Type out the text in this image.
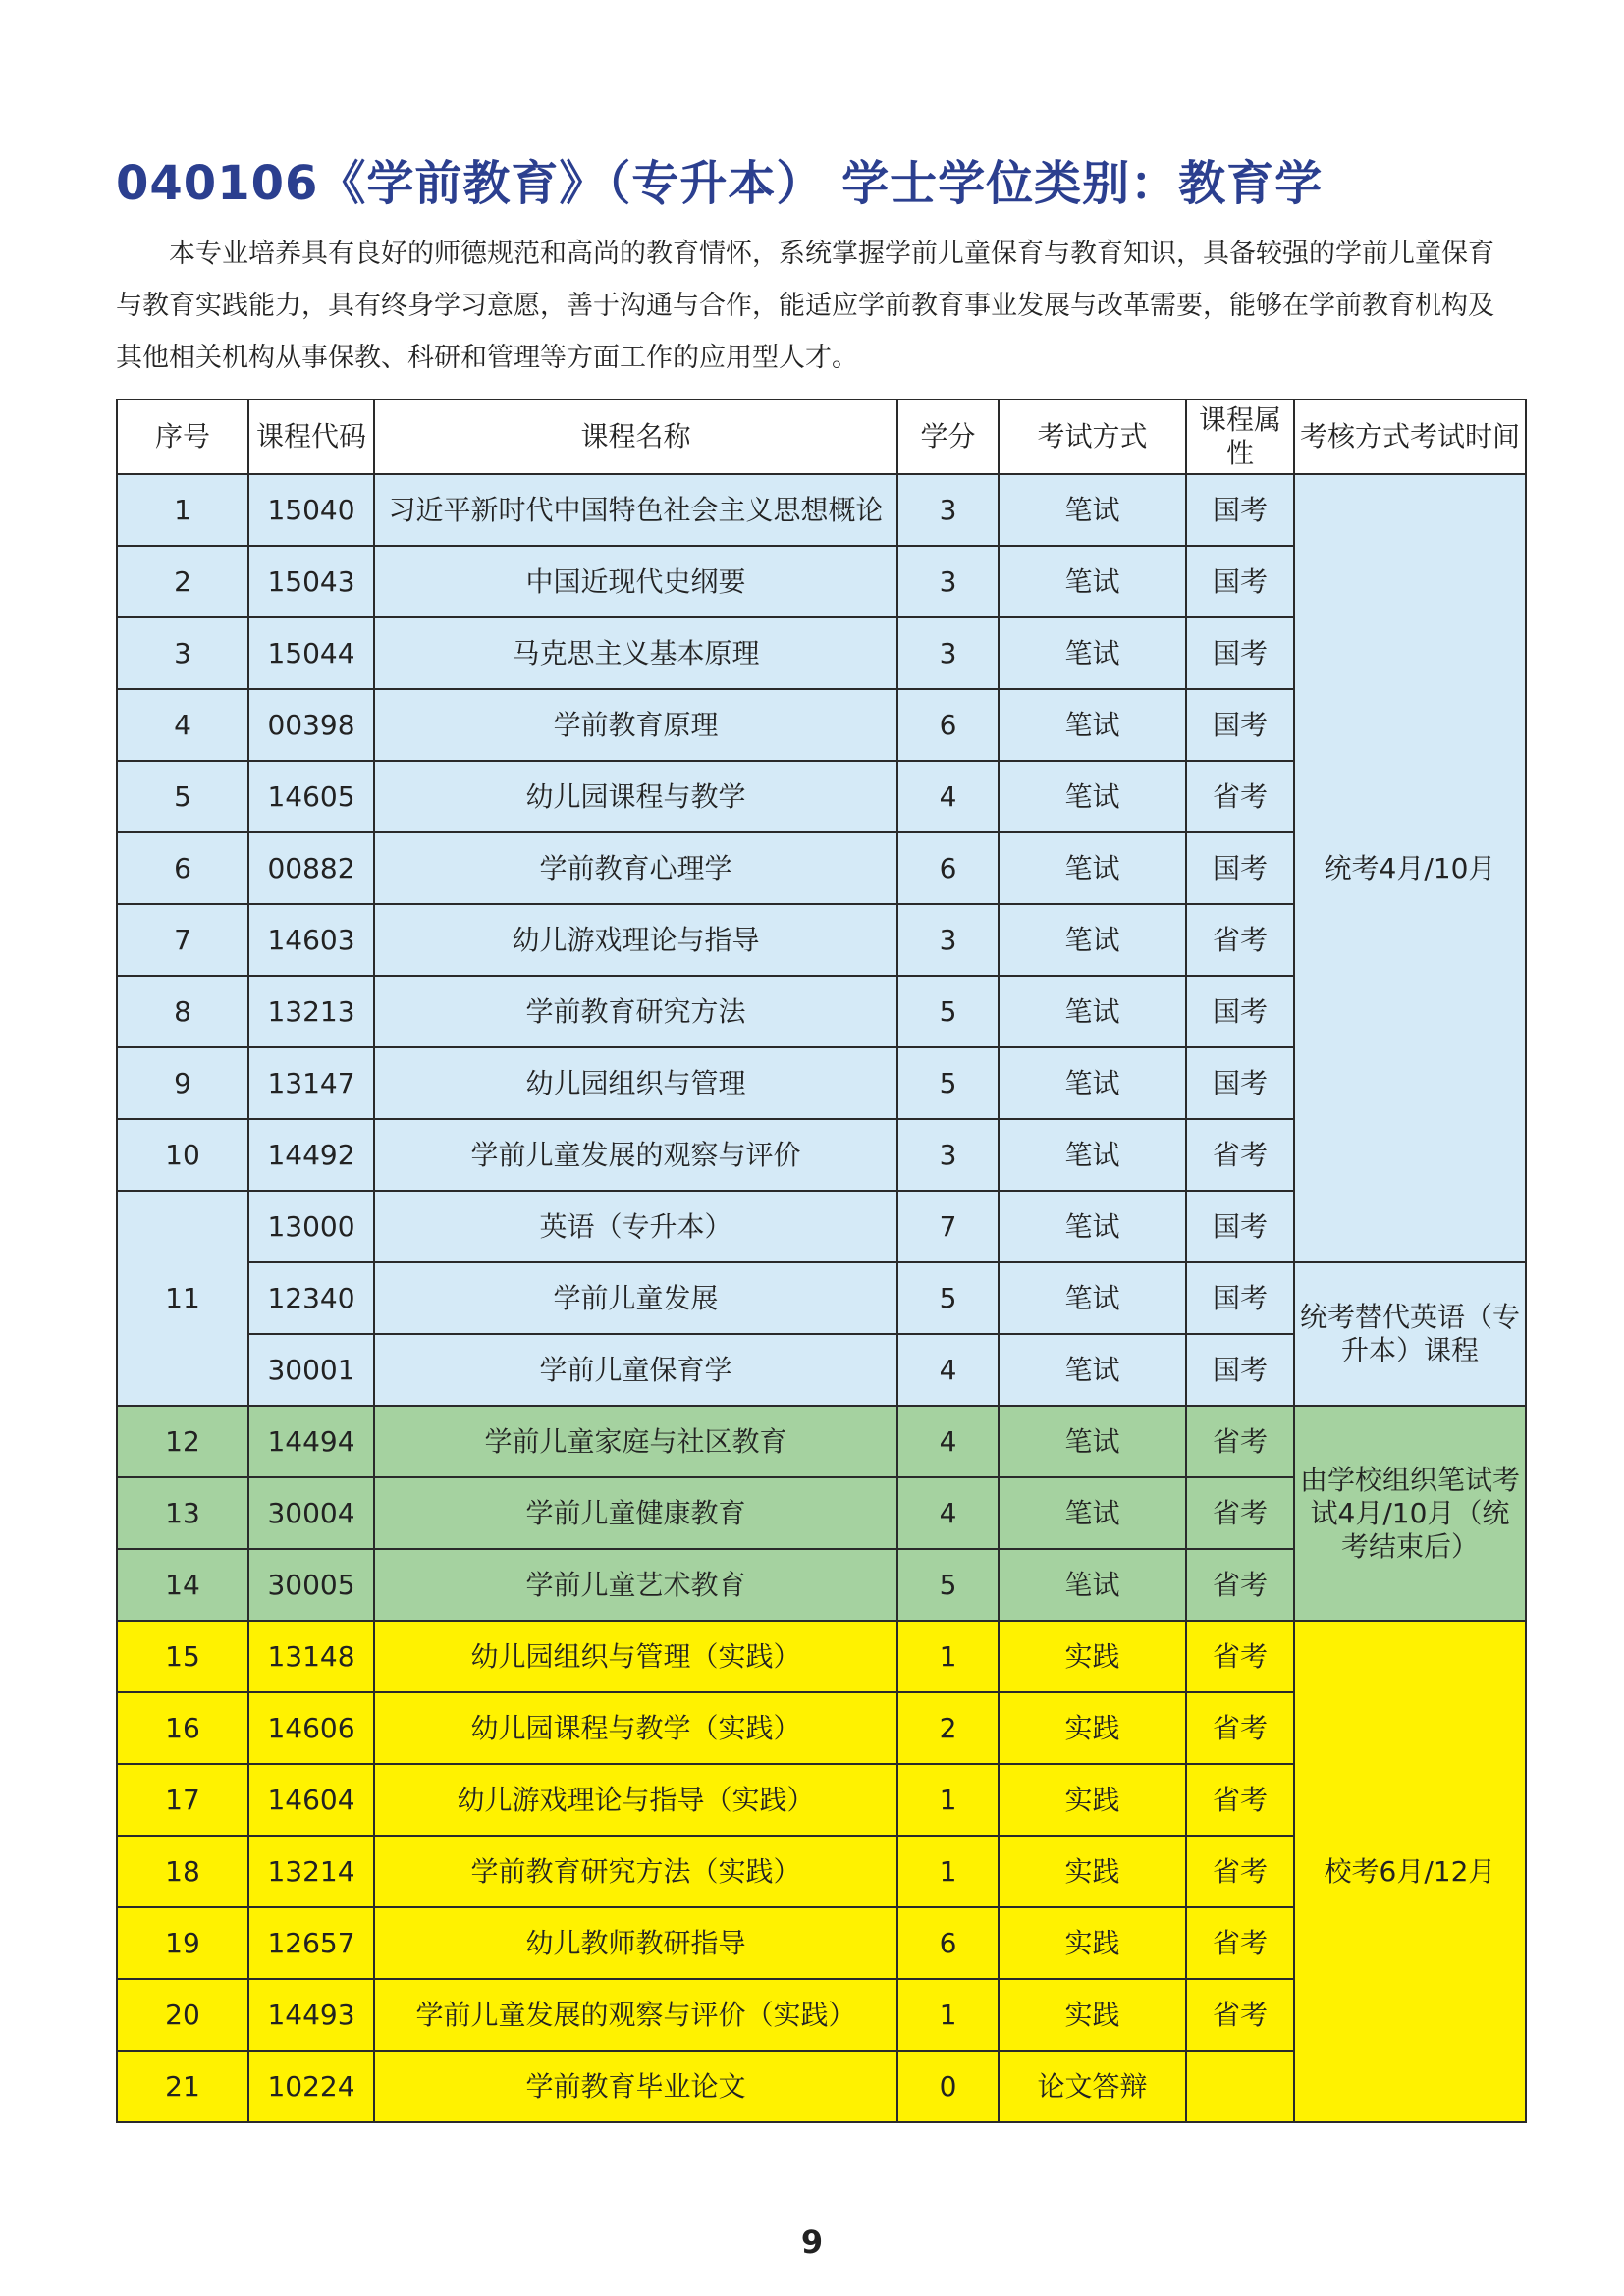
040106《学前教育》（专升本） 学士学位类别：教育学

本专业培养具有良好的师德规范和高尚的教育情怀，系统掌握学前儿童保育与教育知识，具备较强的学前儿童保育与教育实践能力，具有终身学习意愿，善于沟通与合作，能适应学前教育事业发展与改革需要，能够在学前教育机构及其他相关机构从事保教、科研和管理等方面工作的应用型人才。

序号	课程代码	课程名称	学分	考试方式	课程属性	考核方式考试时间
1	15040	习近平新时代中国特色社会主义思想概论	3	笔试	国考	统考4月/10月
2	15043	中国近现代史纲要	3	笔试	国考	
3	15044	马克思主义基本原理	3	笔试	国考	
4	00398	学前教育原理	6	笔试	国考	
5	14605	幼儿园课程与教学	4	笔试	省考	
6	00882	学前教育心理学	6	笔试	国考	
7	14603	幼儿游戏理论与指导	3	笔试	省考	
8	13213	学前教育研究方法	5	笔试	国考	
9	13147	幼儿园组织与管理	5	笔试	国考	
10	14492	学前儿童发展的观察与评价	3	笔试	省考	
11	13000	英语（专升本）	7	笔试	国考	
	12340	学前儿童发展	5	笔试	国考	统考替代英语（专升本）课程
	30001	学前儿童保育学	4	笔试	国考	
12	14494	学前儿童家庭与社区教育	4	笔试	省考	由学校组织笔试考试4月/10月（统考结束后）
13	30004	学前儿童健康教育	4	笔试	省考	
14	30005	学前儿童艺术教育	5	笔试	省考	
15	13148	幼儿园组织与管理（实践）	1	实践	省考	校考6月/12月
16	14606	幼儿园课程与教学（实践）	2	实践	省考	
17	14604	幼儿游戏理论与指导（实践）	1	实践	省考	
18	13214	学前教育研究方法（实践）	1	实践	省考	
19	12657	幼儿教师教研指导	6	实践	省考	
20	14493	学前儿童发展的观察与评价（实践）	1	实践	省考	
21	10224	学前教育毕业论文	0	论文答辩		
9
